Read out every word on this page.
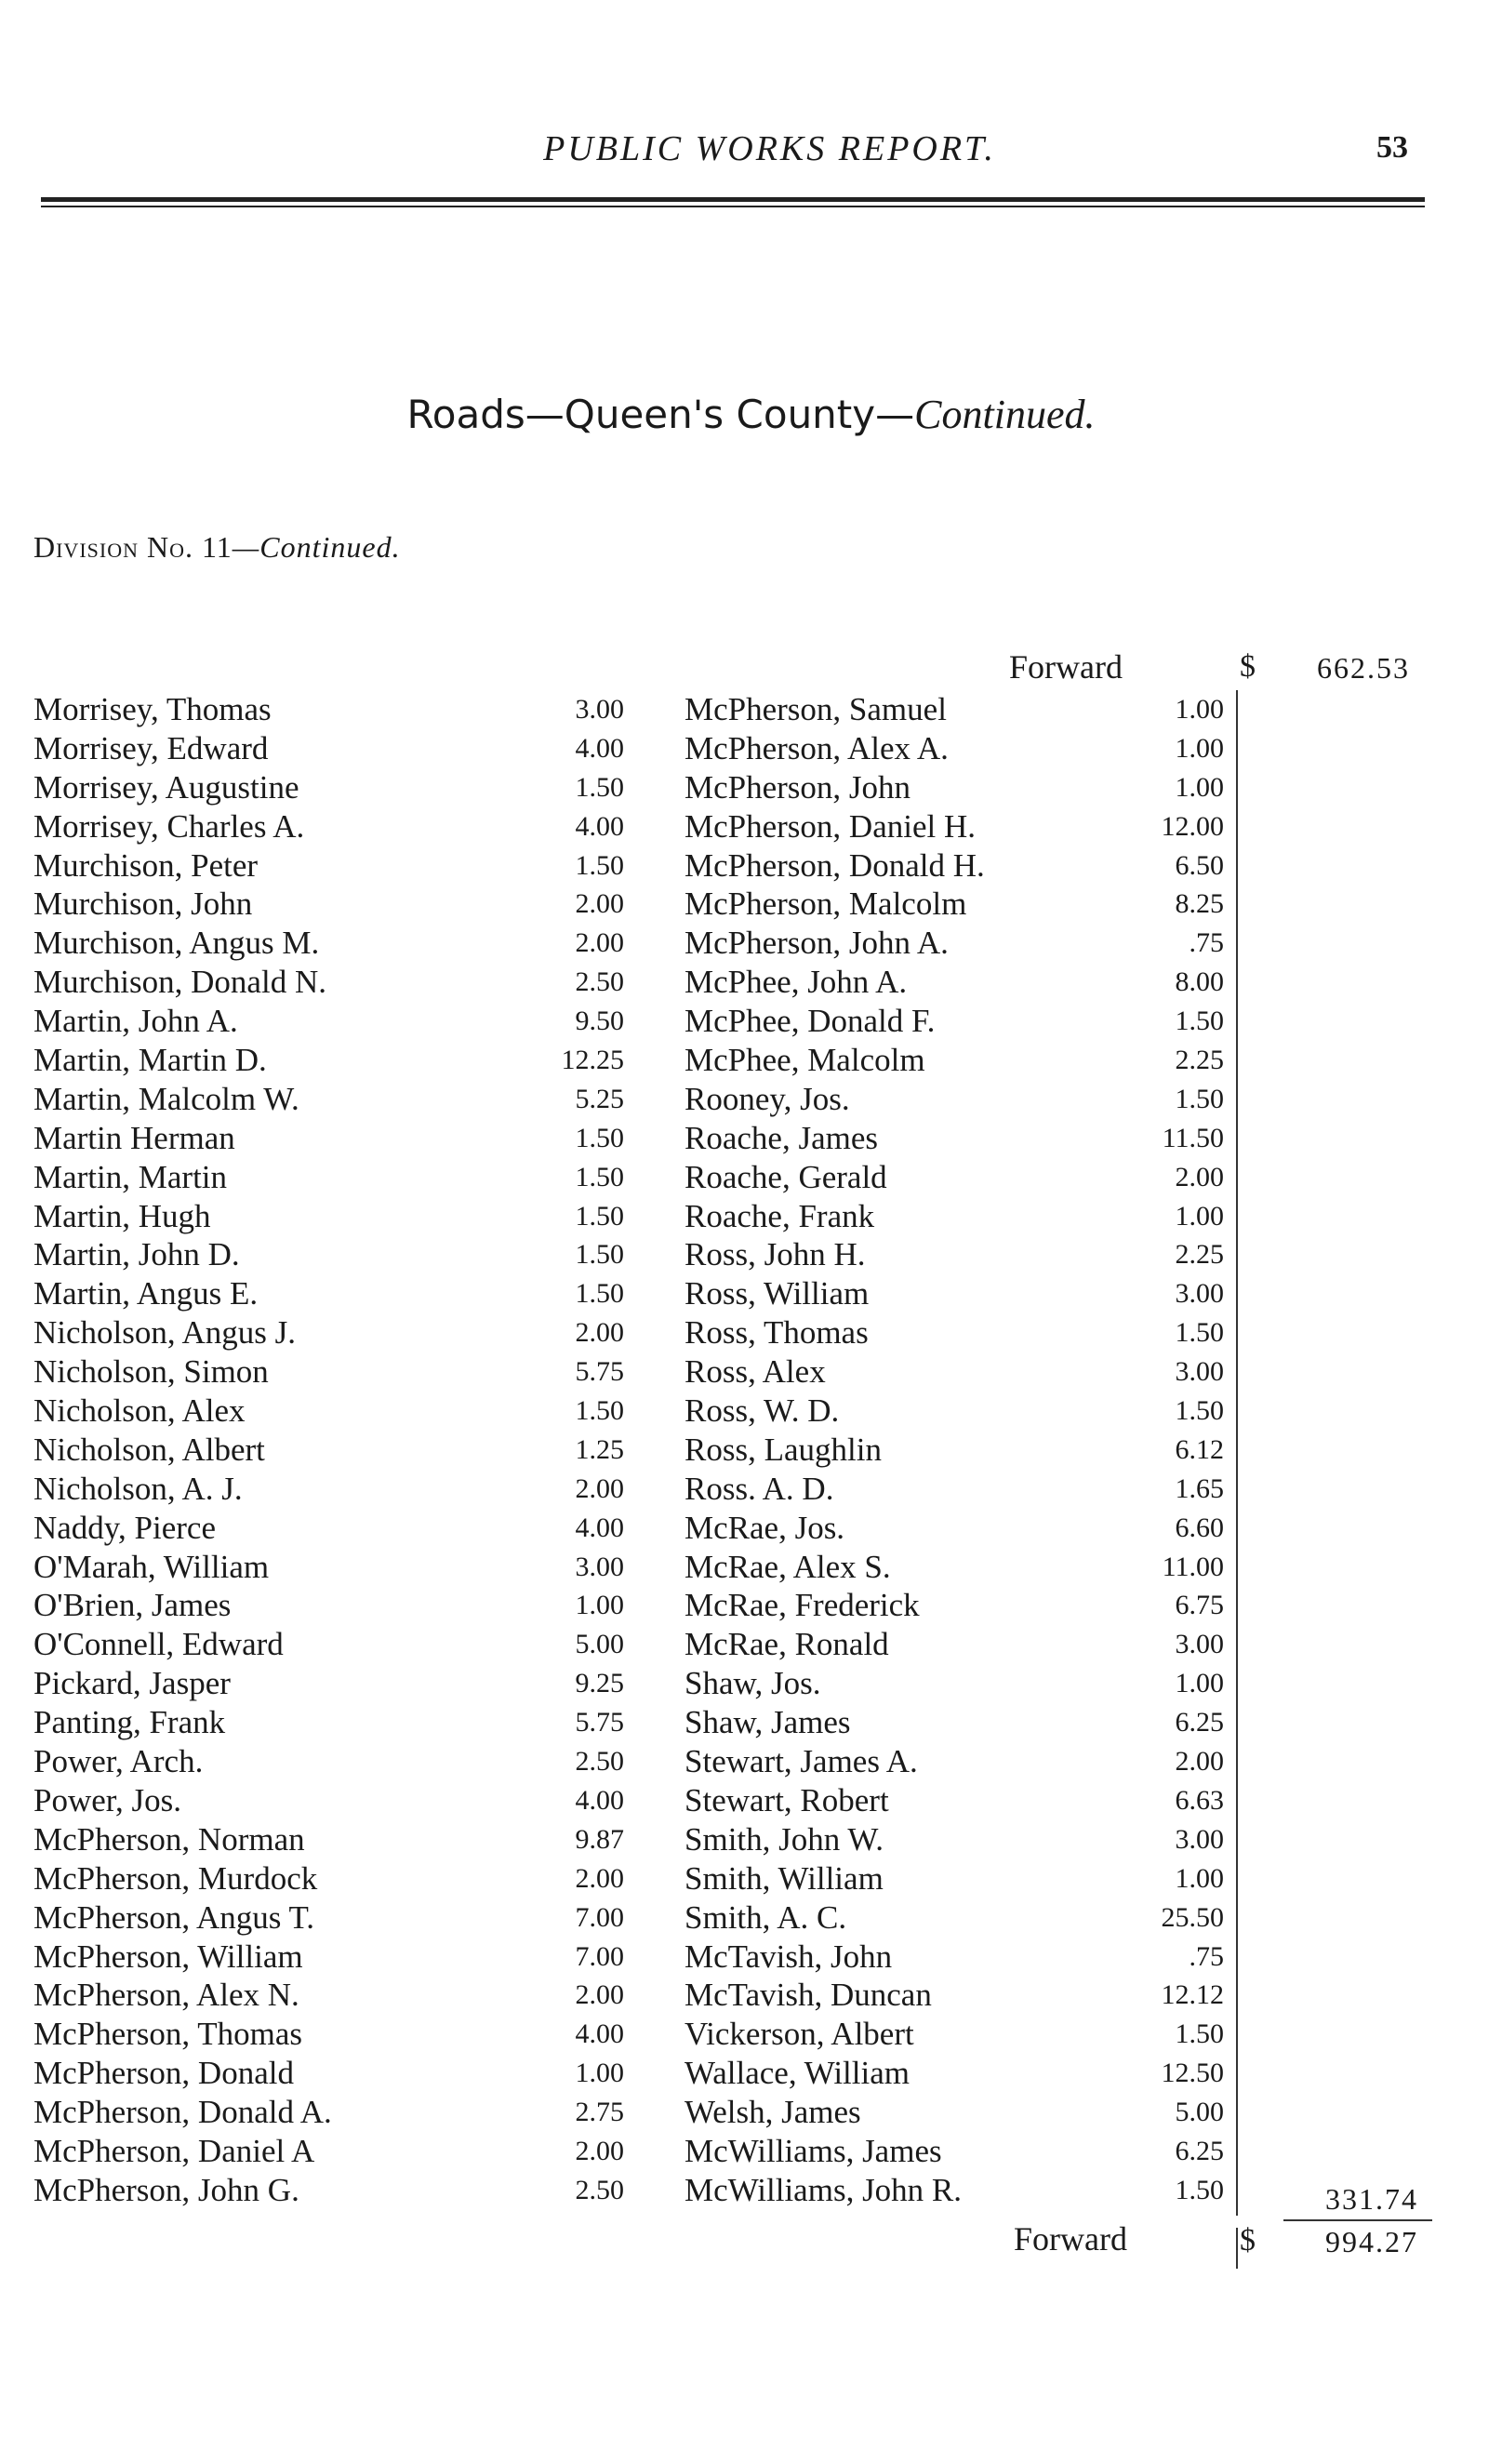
PUBLIC WORKS REPORT.	53
Roads—Queen's County—Continued.
Division No. 11—Continued.
Forward	$ 662.53
Morrisey, Thomas	3.00
Morrisey, Edward	4.00
Morrisey, Augustine	1.50
Morrisey, Charles A.	4.00
Murchison, Peter	1.50
Murchison, John	2.00
Murchison, Angus M.	2.00
Murchison, Donald N.	2.50
Martin, John A.	9.50
Martin, Martin D.	12.25
Martin, Malcolm W.	5.25
Martin Herman	1.50
Martin, Martin	1.50
Martin, Hugh	1.50
Martin, John D.	1.50
Martin, Angus E.	1.50
Nicholson, Angus J.	2.00
Nicholson, Simon	5.75
Nicholson, Alex	1.50
Nicholson, Albert	1.25
Nicholson, A. J.	2.00
Naddy, Pierce	4.00
O'Marah, William	3.00
O'Brien, James	1.00
O'Connell, Edward	5.00
Pickard, Jasper	9.25
Panting, Frank	5.75
Power, Arch.	2.50
Power, Jos.	4.00
McPherson, Norman	9.87
McPherson, Murdock	2.00
McPherson, Angus T.	7.00
McPherson, William	7.00
McPherson, Alex N.	2.00
McPherson, Thomas	4.00
McPherson, Donald	1.00
McPherson, Donald A.	2.75
McPherson, Daniel A	2.00
McPherson, John G.	2.50
McPherson, Samuel	1.00
McPherson, Alex A.	1.00
McPherson, John	1.00
McPherson, Daniel H.	12.00
McPherson, Donald H.	6.50
McPherson, Malcolm	8.25
McPherson, John A.	.75
McPhee, John A.	8.00
McPhee, Donald F.	1.50
McPhee, Malcolm	2.25
Rooney, Jos.	1.50
Roache, James	11.50
Roache, Gerald	2.00
Roache, Frank	1.00
Ross, John H.	2.25
Ross, William	3.00
Ross, Thomas	1.50
Ross, Alex	3.00
Ross, W. D.	1.50
Ross, Laughlin	6.12
Ross. A. D.	1.65
McRae, Jos.	6.60
McRae, Alex S.	11.00
McRae, Frederick	6.75
McRae, Ronald	3.00
Shaw, Jos.	1.00
Shaw, James	6.25
Stewart, James A.	2.00
Stewart, Robert	6.63
Smith, John W.	3.00
Smith, William	1.00
Smith, A. C.	25.50
McTavish, John	.75
McTavish, Duncan	12.12
Vickerson, Albert	1.50
Wallace, William	12.50
Welsh, James	5.00
McWilliams, James	6.25
McWilliams, John R.	1.50	331.74
Forward	$ 994.27
